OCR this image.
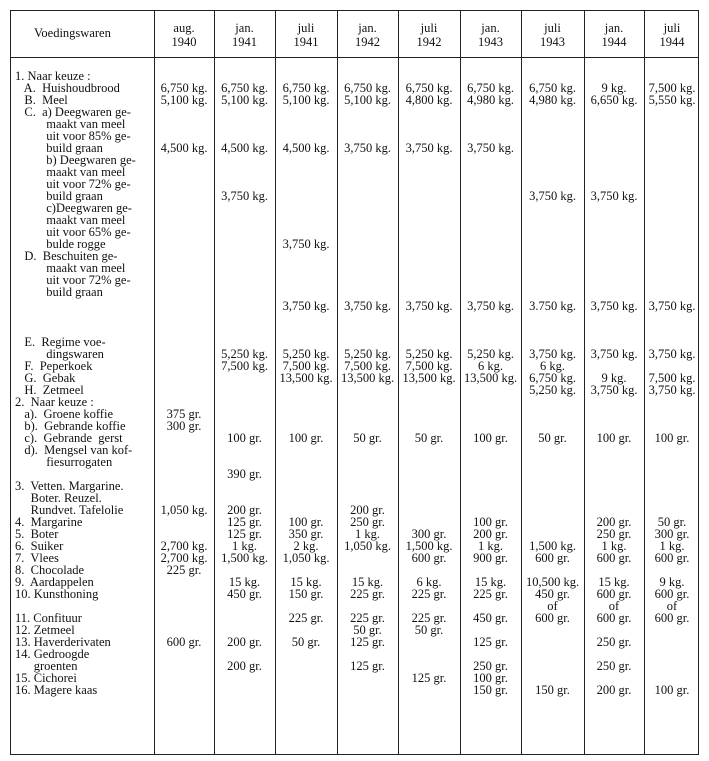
Voedingswaren	aug.
1940
jan.
1941
juli
1941
jan.
1942
juli
1942
jan.
1943
juli
1943
jan.
1944
juli
1944
1. Naar keuze :
A.  Huishoudbrood
B.  Meel
C.  a) Deegwaren ge-
maakt van meel
uit voor 85% ge-
build graan
b) Deegwaren ge-
maakt van meel
uit voor 72% ge-
build graan
c)Deegwaren ge-
maakt van meel
uit voor 65% ge-
bulde rogge
D.  Beschuiten ge-
maakt van meel
uit voor 72% ge-
build graan
E.  Regime voe-
dingswaren
F.  Peperkoek
G.  Gebak
H.  Zetmeel
2.  Naar keuze :
a).  Groene koffie
b).  Gebrande koffie
c).  Gebrande  gerst
d).  Mengsel van kof-
fiesurrogaten
3.  Vetten. Margarine.
Boter. Reuzel.
Rundvet. Tafelolie
4.  Margarine
5.  Boter
6.  Suiker
7.  Vlees
8.  Chocolade
9.  Aardappelen
10. Kunsthoning
11. Confituur
12. Zetmeel
13. Haverderivaten
14. Gedroogde
groenten
15. Cichorei
16. Magere kaas
6,750 kg.
5,100 kg.
4,500 kg.
375 gr.
300 gr.
1,050 kg.
2,700 kg.
2,700 kg.
225 gr.
600 gr.
6,750 kg.
5,100 kg.
4,500 kg.
3,750 kg.
5,250 kg.
7,500 kg.
100 gr.
390 gr.
200 gr.
125 gr.
125 gr.
1 kg.
1,500 kg.
15 kg.
450 gr.
200 gr.
200 gr.
6,750 kg.
5,100 kg.
4,500 kg.
3,750 kg.
3,750 kg.
5,250 kg.
7,500 kg.
13,500 kg.
100 gr.
100 gr.
350 gr.
2 kg.
1,050 kg.
15 kg.
150 gr.
225 gr.
50 gr.
6,750 kg.
5,100 kg.
3,750 kg.
3,750 kg.
5,250 kg.
7,500 kg.
13,500 kg.
50 gr.
200 gr.
250 gr.
1 kg.
1,050 kg.
15 kg.
225 gr.
225 gr.
50 gr.
125 gr.
125 gr.
6,750 kg.
4,800 kg.
3,750 kg.
3,750 kg.
5,250 kg.
7,500 kg.
13,500 kg.
50 gr.
300 gr.
1,500 kg.
600 gr.
6 kg.
225 gr.
225 gr.
50 gr.
125 gr.
6,750 kg.
4,980 kg.
3,750 kg.
3,750 kg.
5,250 kg.
6 kg.
13,500 kg.
100 gr.
100 gr.
200 gr.
1 kg.
900 gr.
15 kg.
225 gr.
450 gr.
125 gr.
250 gr.
100 gr.
150 gr.
6,750 kg.
4,980 kg.
3,750 kg.
3.750 kg.
3,750 kg.
6 kg.
6,750 kg.
5,250 kg.
50 gr.
1,500 kg.
600 gr.
10,500 kg.
450 gr.
of
600 gr.
150 gr.
9 kg.
6,650 kg.
3,750 kg.
3,750 kg.
3,750 kg.
9 kg.
3,750 kg.
100 gr.
200 gr.
250 gr.
1 kg.
600 gr.
15 kg.
600 gr.
of
600 gr.
250 gr.
250 gr.
200 gr.
7,500 kg.
5,550 kg.
3,750 kg.
3,750 kg.
7,500 kg.
3,750 kg.
100 gr.
50 gr.
300 gr.
1 kg.
600 gr.
9 kg.
600 gr.
of
600 gr.
100 gr.
